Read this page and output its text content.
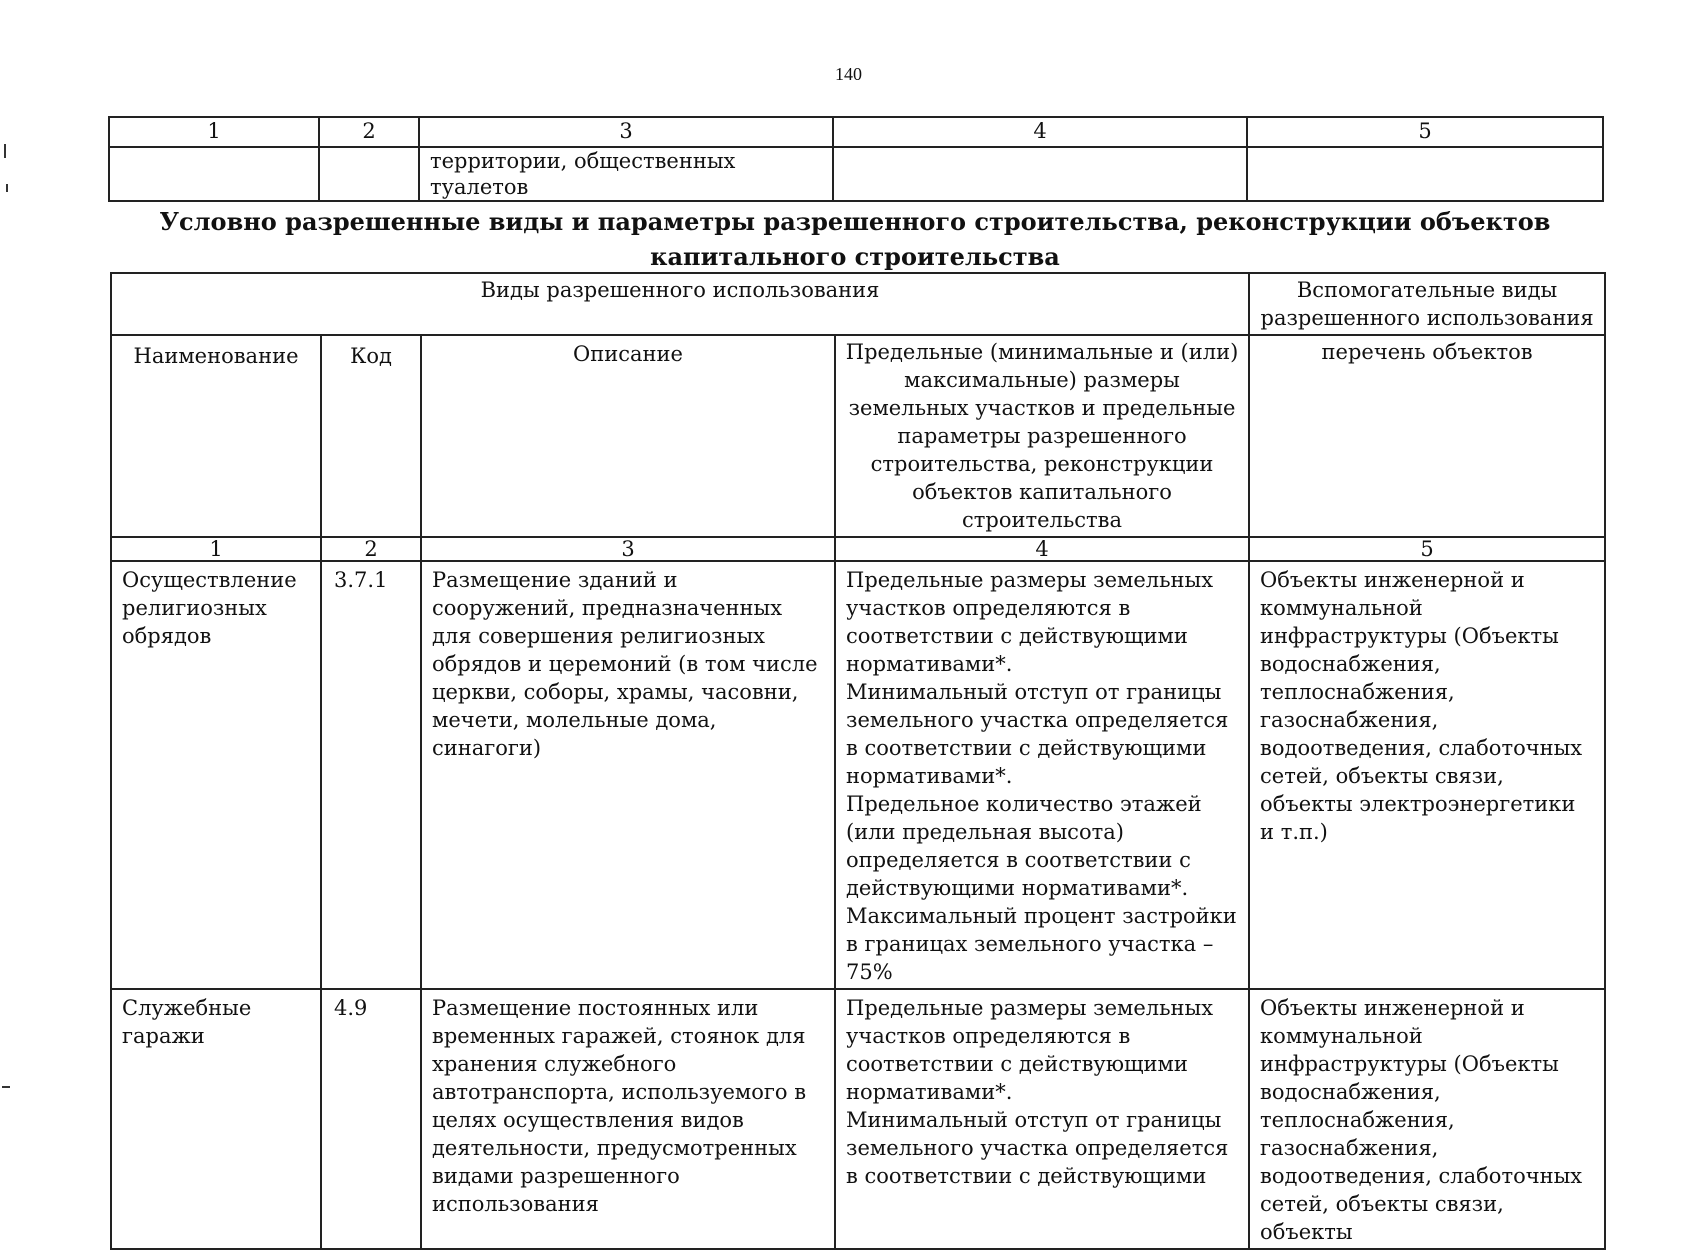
140
1	2	3	4	5
		территории, общественных туалетов		
Условно разрешенные виды и параметры разрешенного строительства, реконструкции объектов капитального строительства
Виды разрешенного использования				Вспомогательные виды разрешенного использования
Наименование	Код	Описание	Предельные (минимальные и (или) максимальные) размеры земельных участков и предельные параметры разрешенного строительства, реконструкции объектов капитального строительства	перечень объектов
1	2	3	4	5
Осуществление религиозных обрядов	3.7.1	Размещение зданий и сооружений, предназначенных для совершения религиозных обрядов и церемоний (в том числе церкви, соборы, храмы, часовни, мечети, молельные дома, синагоги)	Предельные размеры земельных участков определяются в соответствии с действующими нормативами*.
Минимальный отступ от границы земельного участка определяется в соответствии с действующими нормативами*.
Предельное количество этажей (или предельная высота) определяется в соответствии с действующими нормативами*.
Максимальный процент застройки в границах земельного участка – 75%	Объекты инженерной и коммунальной инфраструктуры (Объекты водоснабжения, теплоснабжения, газоснабжения, водоотведения, слаботочных сетей, объекты связи, объекты электроэнергетики и т.п.)
Служебные гаражи	4.9	Размещение постоянных или временных гаражей, стоянок для хранения служебного автотранспорта, используемого в целях осуществления видов деятельности, предусмотренных видами разрешенного использования	Предельные размеры земельных участков определяются в соответствии с действующими нормативами*.
Минимальный отступ от границы земельного участка определяется в соответствии с действующими	Объекты инженерной и коммунальной инфраструктуры (Объекты водоснабжения, теплоснабжения, газоснабжения, водоотведения, слаботочных сетей, объекты связи, объекты
